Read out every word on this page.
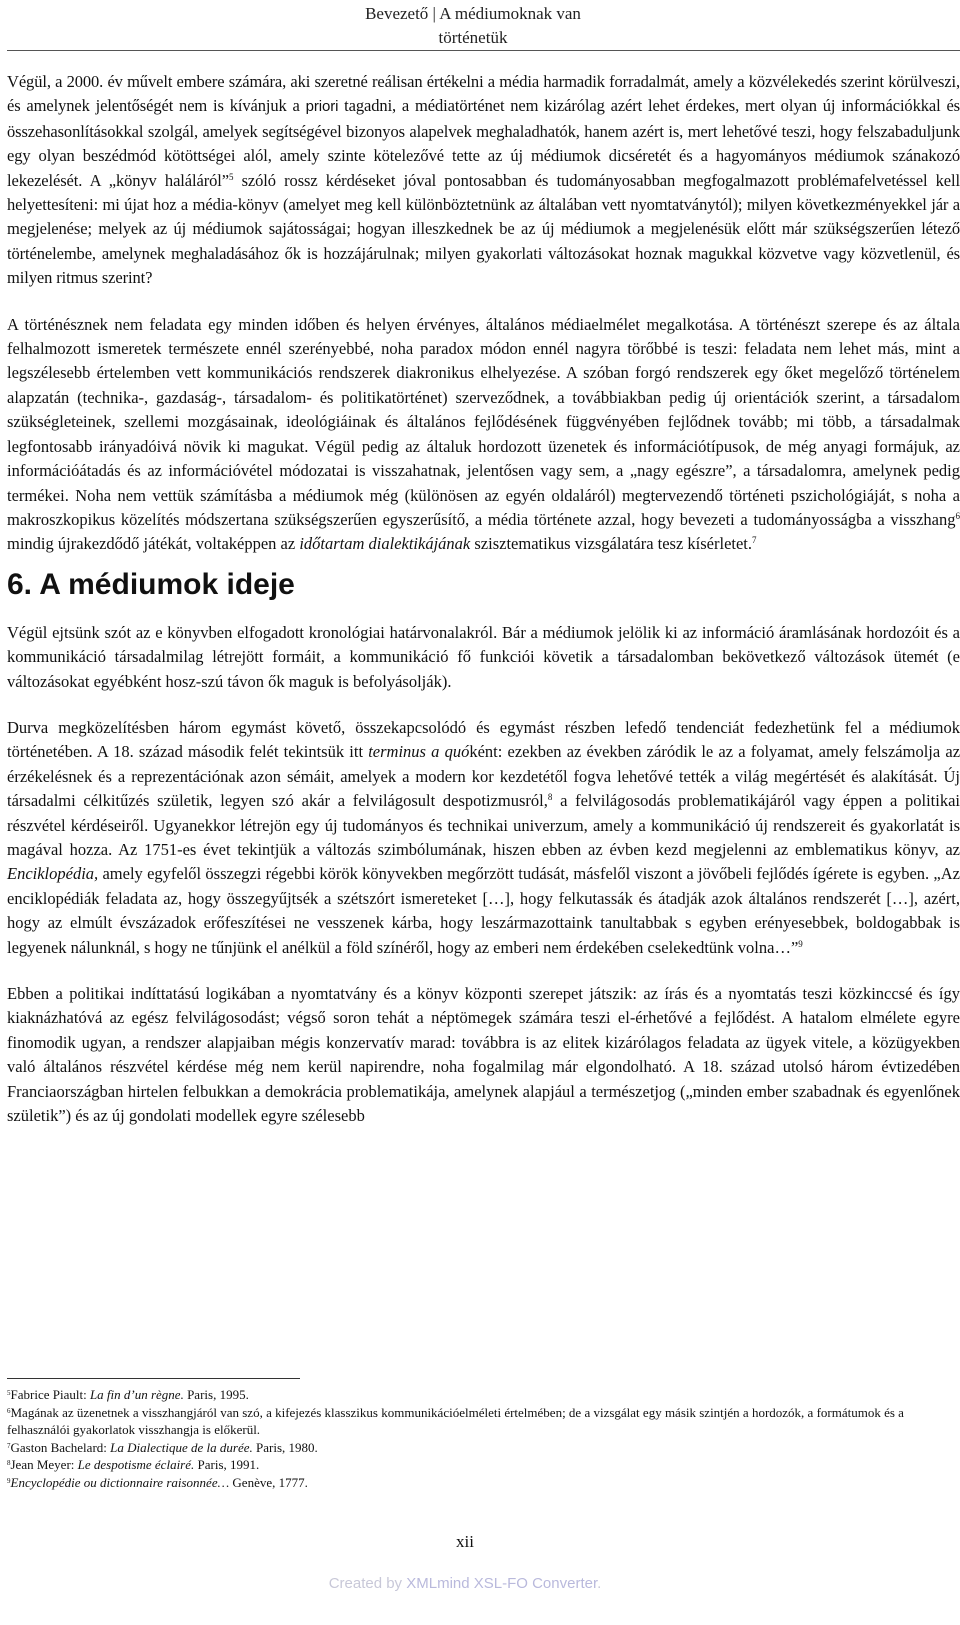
Bevezető | A médiumoknak van történetük

Végül, a 2000. év művelt embere számára, aki szeretné reálisan értékelni a média harmadik forradalmát, amely a közvélekedés szerint körülveszi, és amelynek jelentőségét nem is kívánjuk a priori tagadni, a médiatörténet nem kizárólag azért lehet érdekes, mert olyan új információkkal és összehasonlításokkal szolgál, amelyek segítségével bizonyos alapelvek meghaladhatók, hanem azért is, mert lehetővé teszi, hogy felszabaduljunk egy olyan beszédmód kötöttségei alól, amely szinte kötelezővé tette az új médiumok dicséretét és a hagyományos médiumok szánakozó lekezelését. A „könyv haláláról”$^5$ szóló rossz kérdéseket jóval pontosabban és tudományosabban megfogalmazott problémafelvetéssel kell helyettesíteni: mi újat hoz a média-könyv (amelyet meg kell különböztetnünk az általában vett nyomtatványtól); milyen következményekkel jár a megjelenése; melyek az új médiumok sajátosságai; hogyan illeszkednek be az új médiumok a megjelenésük előtt már szükségszerűen létező történelembe, amelynek meghaladásához ők is hozzájárulnak; milyen gyakorlati változásokat hoznak magukkal közvetve vagy közvetlenül, és milyen ritmus szerint?

A történésznek nem feladata egy minden időben és helyen érvényes, általános médiaelmélet megalkotása. A történészt szerepe és az általa felhalmozott ismeretek természete ennél szerényebbé, noha paradox módon ennél nagyra törőbbé is teszi: feladata nem lehet más, mint a legszélesebb értelemben vett kommunikációs rendszerek diakronikus elhelyezése. A szóban forgó rendszerek egy őket megelőző történelem alapzatán (technika-, gazdaság-, társadalom- és politikatörténet) szerveződnek, a továbbiakban pedig új orientációk szerint, a társadalom szükségleteinek, szellemi mozgásainak, ideológiáinak és általános fejlődésének függvényében fejlődnek tovább; mi több, a társadalmak legfontosabb irányadóivá növik ki magukat. Végül pedig az általuk hordozott üzenetek és információtípusok, de még anyagi formájuk, az információátadás és az információvétel módozatai is visszahatnak, jelentősen vagy sem, a „nagy egészre”, a társadalomra, amelynek pedig termékei. Noha nem vettük számításba a médiumok még (különösen az egyén oldaláról) megtervezendő történeti pszichológiáját, s noha a makroszkopikus közelítés módszertana szükségszerűen egyszerűsítő, a média története azzal, hogy bevezeti a tudományosságba a visszhang$^6$ mindig újrakezdődő játékát, voltaképpen az időtartam dialektikájának szisztematikus vizsgálatára tesz kísérletet.$^7$

6. A médiumok ideje

Végül ejtsünk szót az e könyvben elfogadott kronológiai határvonalakról. Bár a médiumok jelölik ki az információ áramlásának hordozóit és a kommunikáció társadalmilag létrejött formáit, a kommunikáció fő funkciói követik a társadalomban bekövetkező változások ütemét (e változásokat egyébként hosz-szú távon ők maguk is befolyásolják).

Durva megközelítésben három egymást követő, összekapcsolódó és egymást részben lefedő tendenciát fedezhetünk fel a médiumok történetében. A 18. század második felét tekintsük itt terminus a quóként: ezekben az években záródik le az a folyamat, amely felszámolja az érzékelésnek és a reprezentációnak azon sémáit, amelyek a modern kor kezdetétől fogva lehetővé tették a világ megértését és alakítását. Új társadalmi célkitűzés születik, legyen szó akár a felvilágosult despotizmusról,$^8$ a felvilágosodás problematikájáról vagy éppen a politikai részvétel kérdéseiről. Ugyanekkor létrejön egy új tudományos és technikai univerzum, amely a kommunikáció új rendszereit és gyakorlatát is magával hozza. Az 1751-es évet tekintjük a változás szimbólumának, hiszen ebben az évben kezd megjelenni az emblematikus könyv, az Enciklopédia, amely egyfelől összegzi régebbi körök könyvekben megőrzött tudását, másfelől viszont a jövőbeli fejlődés ígérete is egyben. „Az enciklopédiák feladata az, hogy összegyűjtsék a szétszórt ismereteket […], hogy felkutassák és átadják azok általános rendszerét […], azért, hogy az elmúlt évszázadok erőfeszítései ne vesszenek kárba, hogy leszármazottaink tanultabbak s egyben erényesebbek, boldogabbak is legyenek nálunknál, s hogy ne tűnjünk el anélkül a föld színéről, hogy az emberi nem érdekében cselekedtünk volna…”$^9$

Ebben a politikai indíttatású logikában a nyomtatvány és a könyv központi szerepet játszik: az írás és a nyomtatás teszi közkinccsé és így kiaknázhatóvá az egész felvilágosodást; végső soron tehát a néptömegek számára teszi el-érhetővé a fejlődést. A hatalom elmélete egyre finomodik ugyan, a rendszer alapjaiban mégis konzervatív marad: továbbra is az elitek kizárólagos feladata az ügyek vitele, a közügyekben való általános részvétel kérdése még nem kerül napirendre, noha fogalmilag már elgondolható. A 18. század utolsó három évtizedében Franciaországban hirtelen felbukkan a demokrácia problematikája, amelynek alapjául a természetjog („minden ember szabadnak és egyenlőnek születik”) és az új gondolati modellek egyre szélesebb

$^5$Fabrice Piault: La fin d’un règne. Paris, 1995.
$^6$Magának az üzenetnek a visszhangjáról van szó, a kifejezés klasszikus kommunikációelméleti értelmében; de a vizsgálat egy másik szintjén a hordozók, a formátumok és a felhasználói gyakorlatok visszhangja is előkerül.
$^7$Gaston Bachelard: La Dialectique de la durée. Paris, 1980.
$^8$Jean Meyer: Le despotisme éclairé. Paris, 1991.
$^9$Encyclopédie ou dictionnaire raisonnée… Genève, 1777.
xii
Created by XMLmind XSL-FO Converter.
